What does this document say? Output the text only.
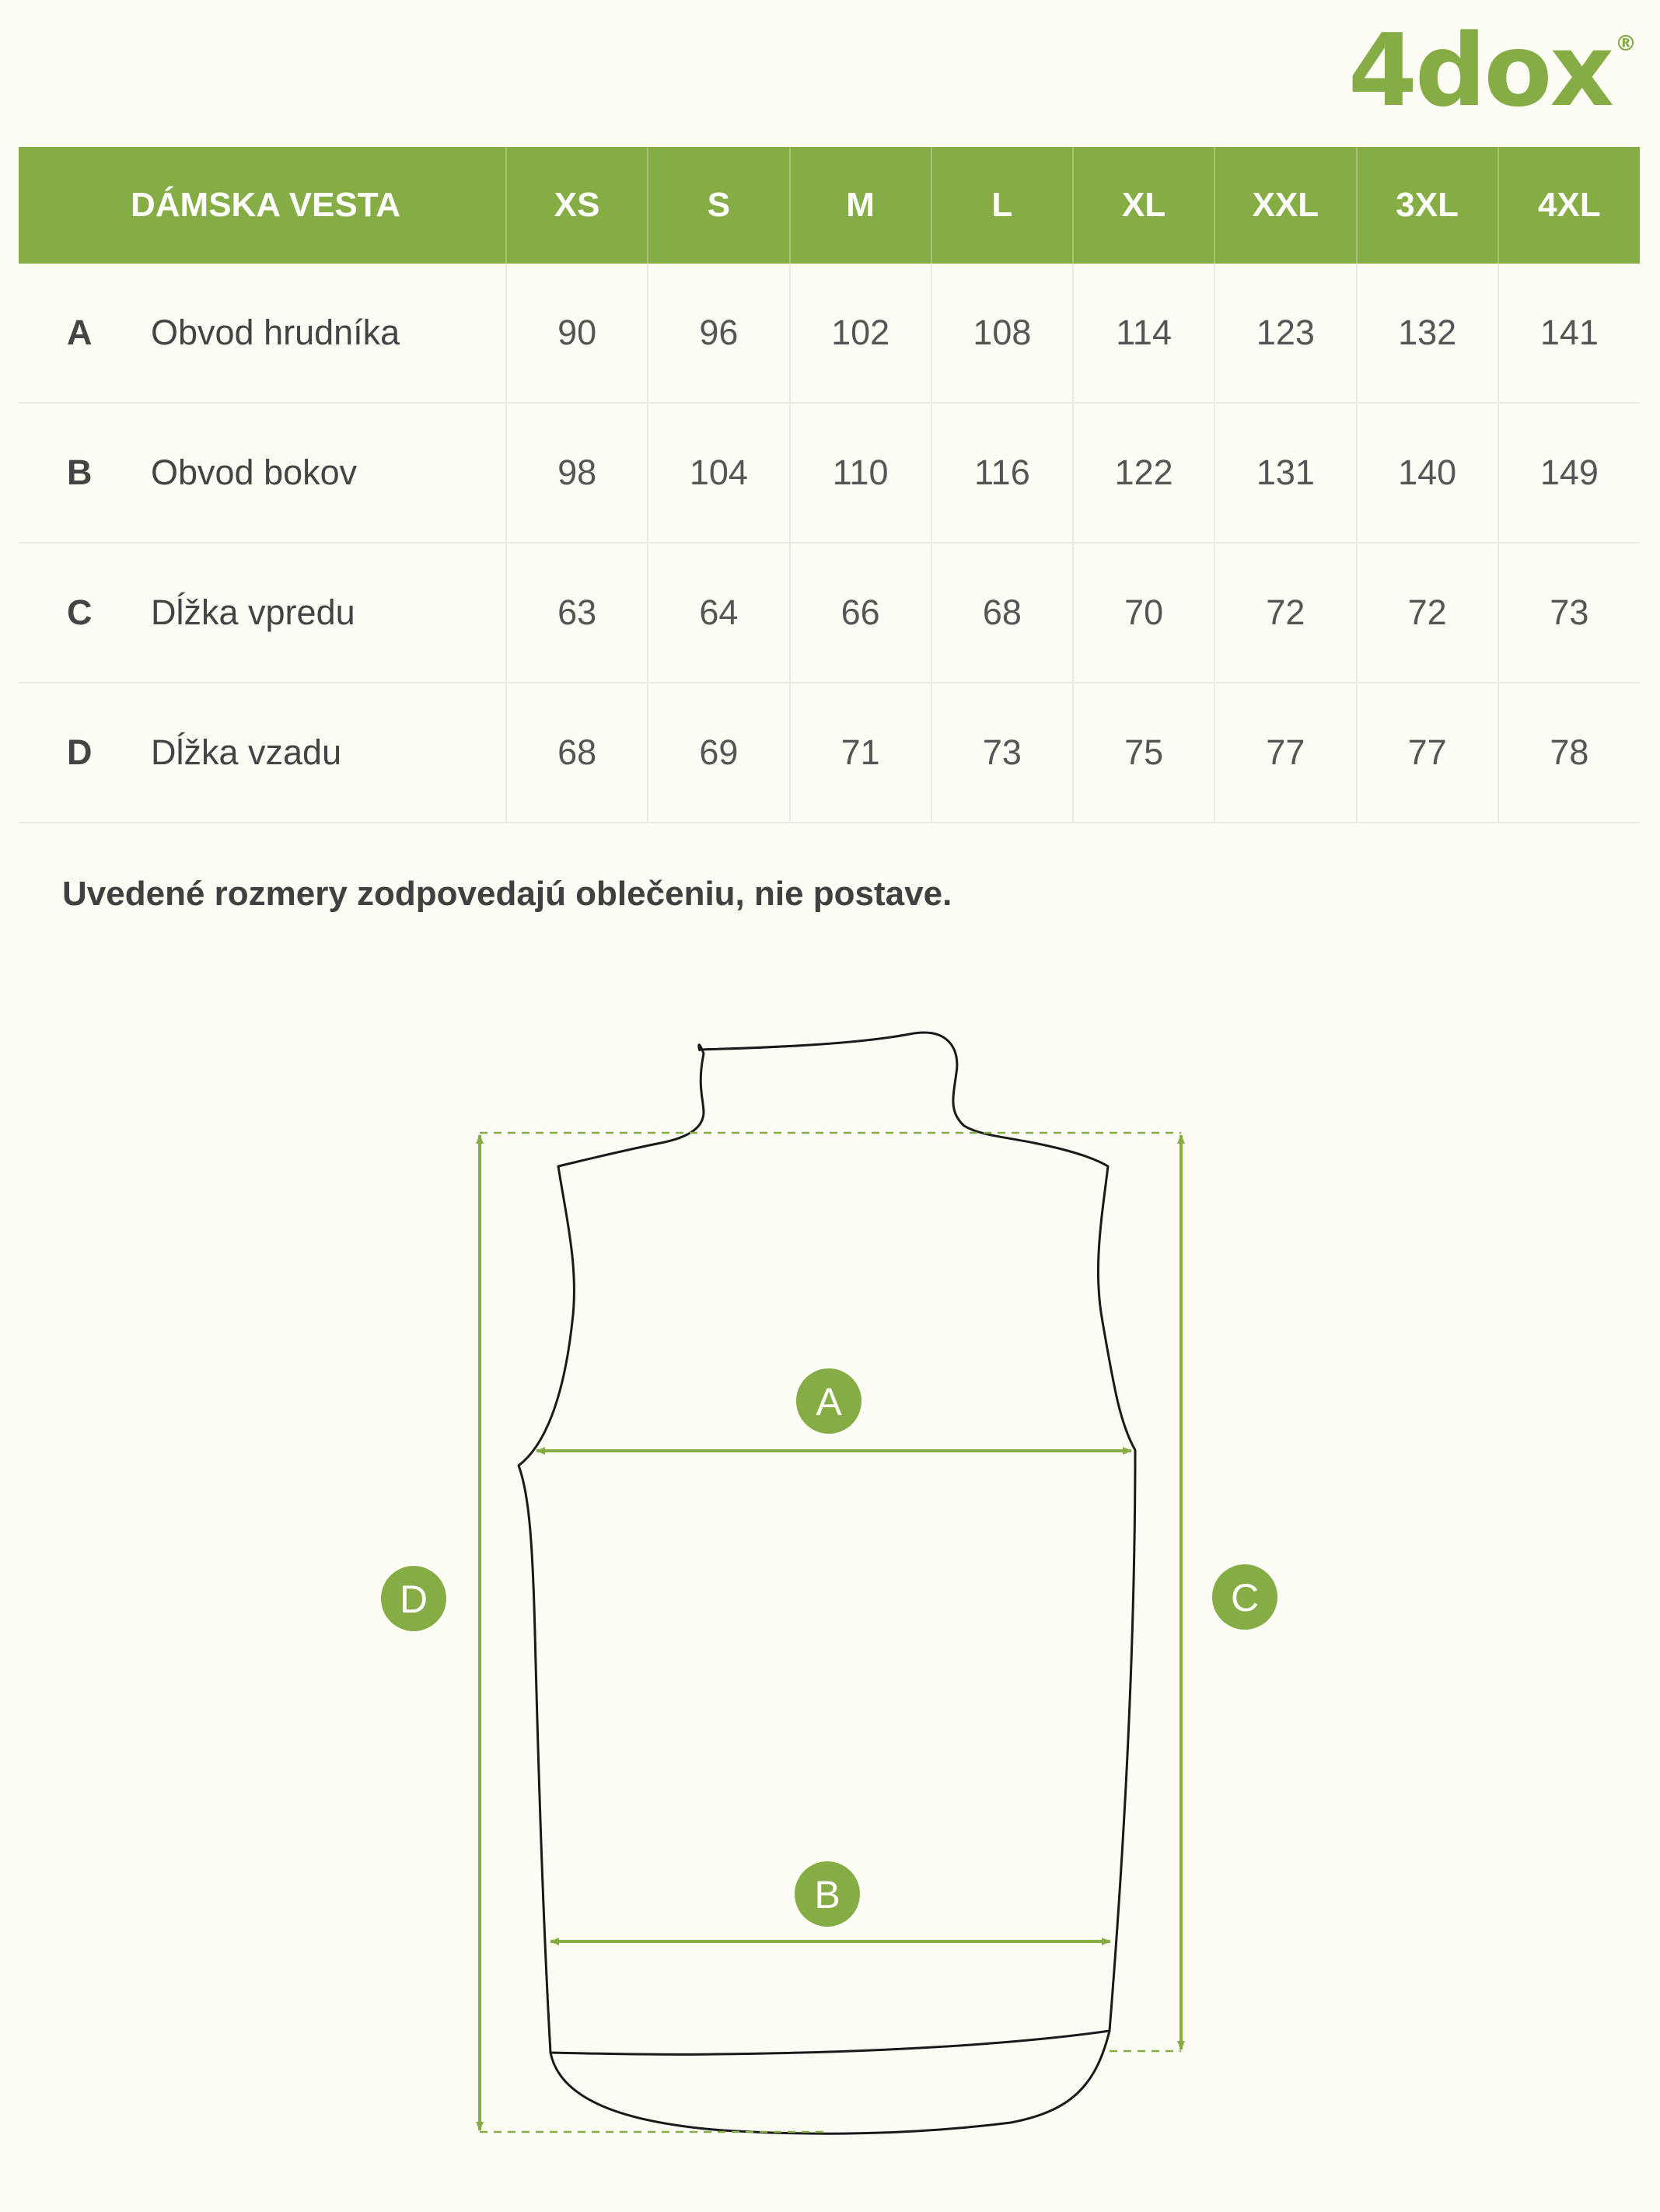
4dox ®
DÁMSKA VESTA	XS	S	M	L	XL	XXL	3XL	4XL
A Obvod hrudníka	90	96	102	108	114	123	132	141
B Obvod bokov	98	104	110	116	122	131	140	149
C Dĺžka vpredu	63	64	66	68	70	72	72	73
D Dĺžka vzadu	68	69	71	73	75	77	77	78
Uvedené rozmery zodpovedajú oblečeniu, nie postave.
A
B
C
D
